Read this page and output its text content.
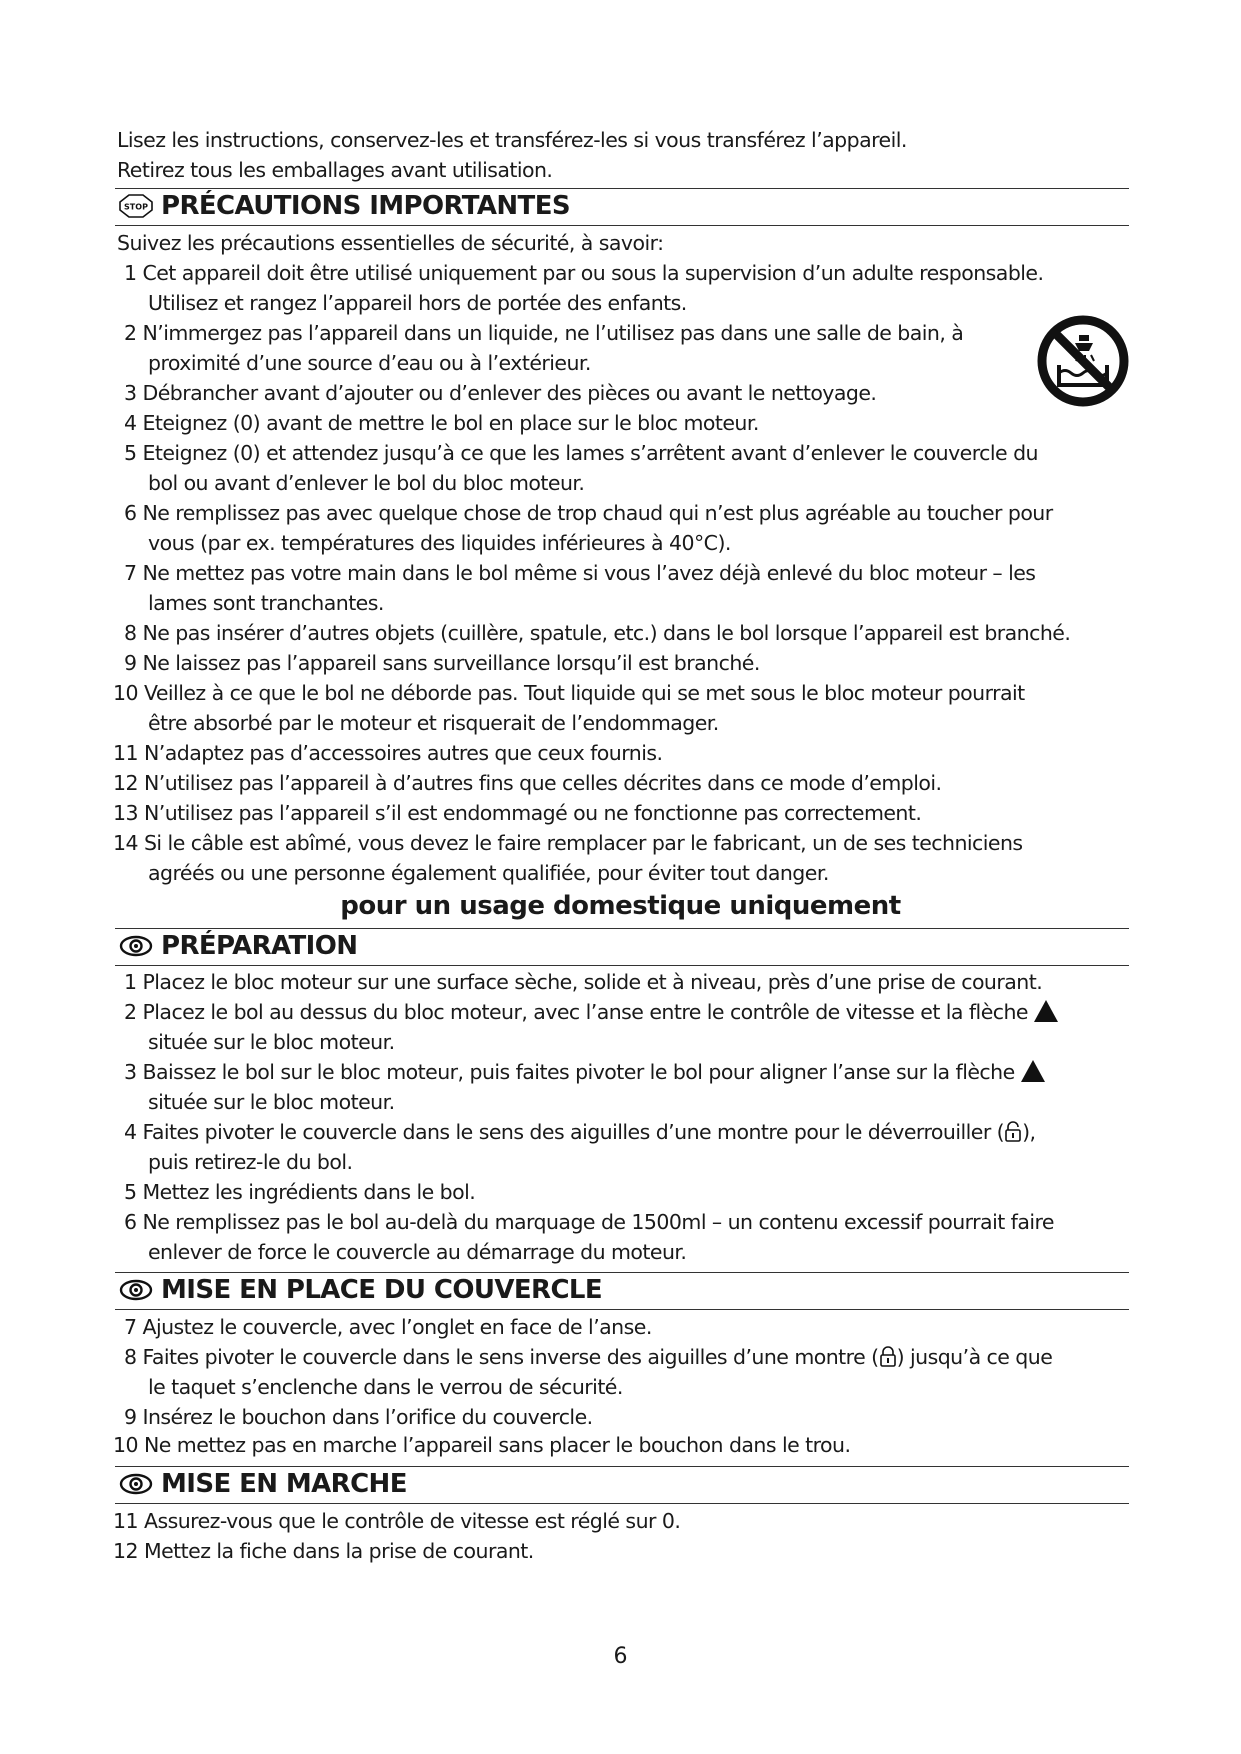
Lisez les instructions, conservez-les et transférez-les si vous transférez l’appareil.
Retirez tous les emballages avant utilisation.
STOP PRÉCAUTIONS IMPORTANTES
Suivez les précautions essentielles de sécurité, à savoir:
1 Cet appareil doit être utilisé uniquement par ou sous la supervision d’un adulte responsable.
Utilisez et rangez l’appareil hors de portée des enfants.
2 N’immergez pas l’appareil dans un liquide, ne l’utilisez pas dans une salle de bain, à
proximité d’une source d’eau ou à l’extérieur.
3 Débrancher avant d’ajouter ou d’enlever des pièces ou avant le nettoyage.
4 Eteignez (0) avant de mettre le bol en place sur le bloc moteur.
5 Eteignez (0) et attendez jusqu’à ce que les lames s’arrêtent avant d’enlever le couvercle du
bol ou avant d’enlever le bol du bloc moteur.
6 Ne remplissez pas avec quelque chose de trop chaud qui n’est plus agréable au toucher pour
vous (par ex. températures des liquides inférieures à 40°C).
7 Ne mettez pas votre main dans le bol même si vous l’avez déjà enlevé du bloc moteur – les
lames sont tranchantes.
8 Ne pas insérer d’autres objets (cuillère, spatule, etc.) dans le bol lorsque l’appareil est branché.
9 Ne laissez pas l’appareil sans surveillance lorsqu’il est branché.
10 Veillez à ce que le bol ne déborde pas. Tout liquide qui se met sous le bloc moteur pourrait
être absorbé par le moteur et risquerait de l’endommager.
11 N’adaptez pas d’accessoires autres que ceux fournis.
12 N’utilisez pas l’appareil à d’autres fins que celles décrites dans ce mode d’emploi.
13 N’utilisez pas l’appareil s’il est endommagé ou ne fonctionne pas correctement.
14 Si le câble est abîmé, vous devez le faire remplacer par le fabricant, un de ses techniciens
agréés ou une personne également qualifiée, pour éviter tout danger.
pour un usage domestique uniquement
PRÉPARATION
1 Placez le bloc moteur sur une surface sèche, solide et à niveau, près d’une prise de courant.
2 Placez le bol au dessus du bloc moteur, avec l’anse entre le contrôle de vitesse et la flèche
située sur le bloc moteur.
3 Baissez le bol sur le bloc moteur, puis faites pivoter le bol pour aligner l’anse sur la flèche
située sur le bloc moteur.
4 Faites pivoter le couvercle dans le sens des aiguilles d’une montre pour le déverrouiller ( ),
puis retirez-le du bol.
5 Mettez les ingrédients dans le bol.
6 Ne remplissez pas le bol au-delà du marquage de 1500ml – un contenu excessif pourrait faire
enlever de force le couvercle au démarrage du moteur.
MISE EN PLACE DU COUVERCLE
7 Ajustez le couvercle, avec l’onglet en face de l’anse.
8 Faites pivoter le couvercle dans le sens inverse des aiguilles d’une montre ( ) jusqu’à ce que
le taquet s’enclenche dans le verrou de sécurité.
9 Insérez le bouchon dans l’orifice du couvercle.
10 Ne mettez pas en marche l’appareil sans placer le bouchon dans le trou.
MISE EN MARCHE
11 Assurez-vous que le contrôle de vitesse est réglé sur 0.
12 Mettez la fiche dans la prise de courant.
6
